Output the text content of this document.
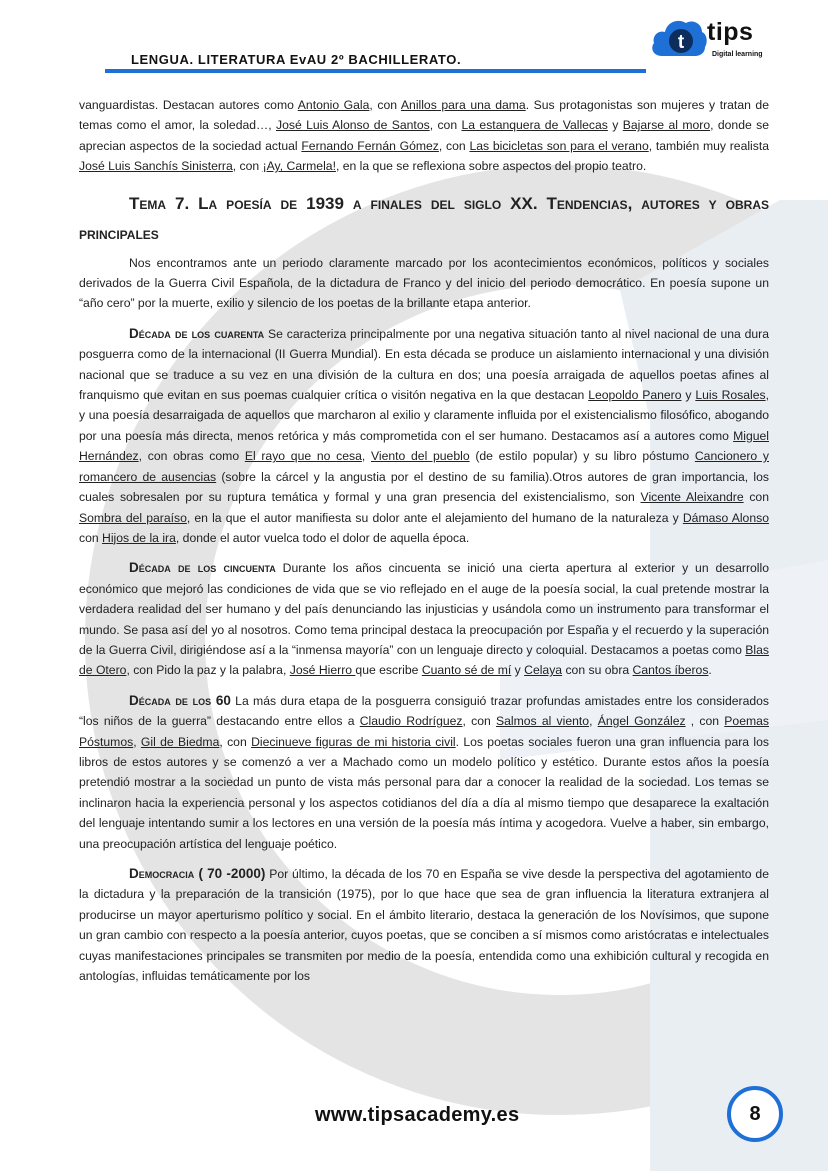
LENGUA. LITERATURA EvAU 2º BACHILLERATO.
t tips
Digital learning

vanguardistas. Destacan autores como Antonio Gala, con Anillos para una dama. Sus protagonistas son mujeres y tratan de temas como el amor, la soledad…, José Luis Alonso de Santos, con La estanquera de Vallecas y Bajarse al moro, donde se aprecian aspectos de la sociedad actual Fernando Fernán Gómez, con Las bicicletas son para el verano, también muy realista José Luis Sanchís Sinisterra, con ¡Ay, Carmela!, en la que se reflexiona sobre aspectos del propio teatro.

Tema 7. La poesía de 1939 a finales del siglo XX. Tendencias, autores y obras principales

Nos encontramos ante un periodo claramente marcado por los acontecimientos económicos, políticos y sociales derivados de la Guerra Civil Española, de la dictadura de Franco y del inicio del periodo democrático. En poesía supone un “año cero” por la muerte, exilio y silencio de los poetas de la brillante etapa anterior.

Década de los cuarenta Se caracteriza principalmente por una negativa situación tanto al nivel nacional de una dura posguerra como de la internacional (II Guerra Mundial). En esta década se produce un aislamiento internacional y una división nacional que se traduce a su vez en una división de la cultura en dos; una poesía arraigada de aquellos poetas afines al franquismo que evitan en sus poemas cualquier crítica o visitón negativa en la que destacan Leopoldo Panero y Luis Rosales, y una poesía desarraigada de aquellos que marcharon al exilio y claramente influida por el existencialismo filosófico, abogando por una poesía más directa, menos retórica y más comprometida con el ser humano. Destacamos así a autores como Miguel Hernández, con obras como El rayo que no cesa, Viento del pueblo (de estilo popular) y su libro póstumo Cancionero y romancero de ausencias (sobre la cárcel y la angustia por el destino de su familia).Otros autores de gran importancia, los cuales sobresalen por su ruptura temática y formal y una gran presencia del existencialismo, son Vicente Aleixandre con Sombra del paraíso, en la que el autor manifiesta su dolor ante el alejamiento del humano de la naturaleza y Dámaso Alonso con Hijos de la ira, donde el autor vuelca todo el dolor de aquella época.

Década de los cincuenta Durante los años cincuenta se inició una cierta apertura al exterior y un desarrollo económico que mejoró las condiciones de vida que se vio reflejado en el auge de la poesía social, la cual pretende mostrar la verdadera realidad del ser humano y del país denunciando las injusticias y usándola como un instrumento para transformar el mundo. Se pasa así del yo al nosotros. Como tema principal destaca la preocupación por España y el recuerdo y la superación de la Guerra Civil, dirigiéndose así a la “inmensa mayoría” con un lenguaje directo y coloquial. Destacamos a poetas como Blas de Otero, con Pido la paz y la palabra, José Hierro que escribe Cuanto sé de mí y Celaya con su obra Cantos íberos.

Década de los 60 La más dura etapa de la posguerra consiguió trazar profundas amistades entre los considerados “los niños de la guerra” destacando entre ellos a Claudio Rodríguez, con Salmos al viento, Ángel González , con Poemas Póstumos, Gil de Biedma, con Diecinueve figuras de mi historia civil. Los poetas sociales fueron una gran influencia para los libros de estos autores y se comenzó a ver a Machado como un modelo político y estético. Durante estos años la poesía pretendió mostrar a la sociedad un punto de vista más personal para dar a conocer la realidad de la sociedad. Los temas se inclinaron hacia la experiencia personal y los aspectos cotidianos del día a día al mismo tiempo que desaparece la exaltación del lenguaje intentando sumir a los lectores en una versión de la poesía más íntima y acogedora. Vuelve a haber, sin embargo, una preocupación artística del lenguaje poético.

Democracia ( 70 -2000) Por último, la década de los 70 en España se vive desde la perspectiva del agotamiento de la dictadura y la preparación de la transición (1975), por lo que hace que sea de gran influencia la literatura extranjera al producirse un mayor aperturismo político y social. En el ámbito literario, destaca la generación de los Novísimos, que supone un gran cambio con respecto a la poesía anterior, cuyos poetas, que se conciben a sí mismos como aristócratas e intelectuales cuyas manifestaciones principales se transmiten por medio de la poesía, entendida como una exhibición cultural y recogida en antologías, influidas temáticamente por los

www.tipsacademy.es	8
